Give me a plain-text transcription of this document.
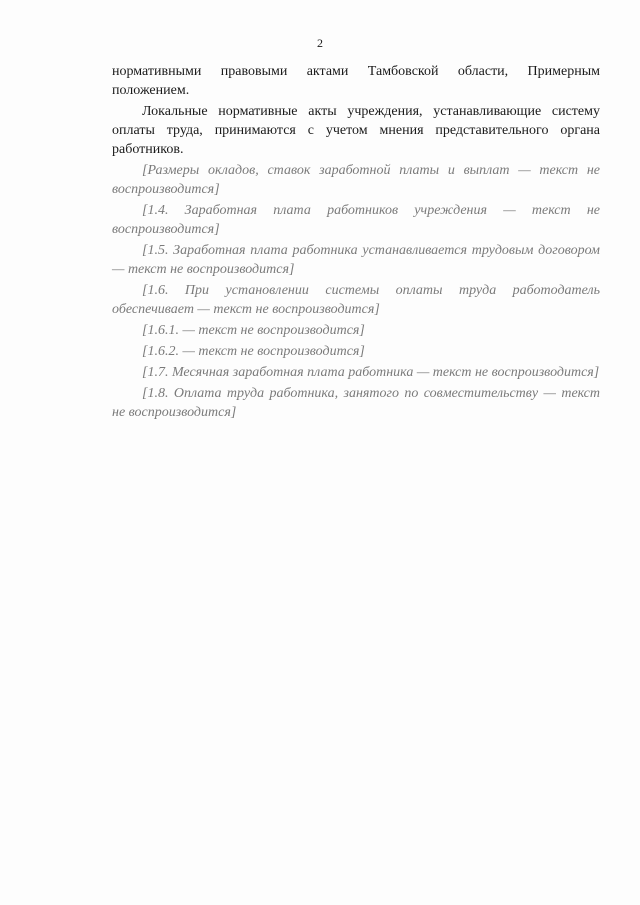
2

нормативными правовыми актами Тамбовской области, Примерным положением.

Локальные нормативные акты учреждения, устанавливающие систему оплаты труда, принимаются с учетом мнения представительного органа работников.

[Размеры окладов, ставок заработной платы и выплат — текст не воспроизводится]

[1.4. Заработная плата работников учреждения — текст не воспроизводится]

[1.5. Заработная плата работника устанавливается трудовым договором — текст не воспроизводится]

[1.6. При установлении системы оплаты труда работодатель обеспечивает — текст не воспроизводится]

[1.6.1. — текст не воспроизводится]

[1.6.2. — текст не воспроизводится]

[1.7. Месячная заработная плата работника — текст не воспроизводится]

[1.8. Оплата труда работника, занятого по совместительству — текст не воспроизводится]
